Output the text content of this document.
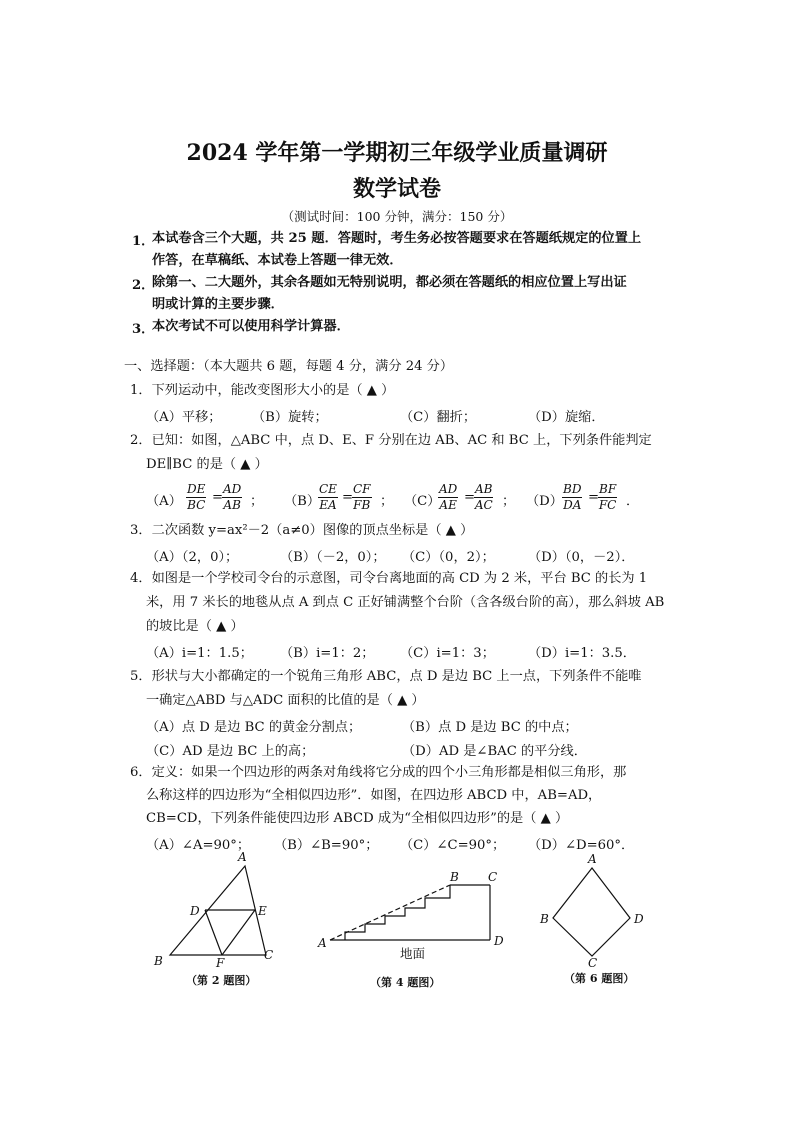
2024 学年第一学期初三年级学业质量调研
数学试卷
（测试时间：100 分钟，满分：150 分）
1．
本试卷含三个大题，共 25 题．答题时，考生务必按答题要求在答题纸规定的位置上
作答，在草稿纸、本试卷上答题一律无效．
2．
除第一、二大题外，其余各题如无特别说明，都必须在答题纸的相应位置上写出证
明或计算的主要步骤．
3．
本次考试不可以使用科学计算器．
一、选择题：（本大题共 6 题，每题 4 分，满分 24 分）
1．下列运动中，能改变图形大小的是（ ▲ ）
（A）平移； （B）旋转；	（C）翻折；	（D）旋缩．
2．已知：如图，△ABC 中，点 D、E、F 分别在边 AB、AC 和 BC 上，下列条件能判定
DE∥BC 的是（ ▲ ）
$(A) \frac{DE}{BC}$ =
$\frac{AD}{AB}$ ； （B）
$\frac{CE}{EA}$ =
$\frac{CF}{FB}$ ； （C）
$\frac{AD}{AE}$ =
$\frac{AB}{AC}$ ； $(D) \frac{BD}{DA}$ =
$\frac{BF}{FC}$ ．
3．二次函数 y=ax²－2（a≠0）图像的顶点坐标是（ ▲ ）
（A）（2，0）；	（B）（－2，0）； （C）（0，2）；	（D）（0，－2）．
4．如图是一个学校司令台的示意图，司令台离地面的高 CD 为 2 米，平台 BC 的长为 1
米，用 7 米长的地毯从点 A 到点 C 正好铺满整个台阶（含各级台阶的高），那么斜坡 AB
的坡比是（ ▲ ）
（A）i=1：1.5； （B）i=1：2； （C）i=1：3；	（D）i=1：3.5．
5．形状与大小都确定的一个锐角三角形 ABC，点 D 是边 BC 上一点，下列条件不能唯
一确定△ABD 与△ADC 面积的比值的是（ ▲ ）
（A）点 D 是边 BC 的黄金分割点；	（B）点 D 是边 BC 的中点；
（C）AD 是边 BC 上的高；	（D）AD 是∠BAC 的平分线．
6．定义：如果一个四边形的两条对角线将它分成的四个小三角形都是相似三角形，那
么称这样的四边形为“全相似四边形”．如图，在四边形 ABCD 中，AB=AD，
CB=CD，下列条件能使四边形 ABCD 成为“全相似四边形”的是（ ▲ ）
（A）∠A=90°； （B）∠B=90°； （C）∠C=90°； （D）∠D=60°．
A
B	C
D	E
F
（第 2 题图）
A
B C
D
地面
（第 4 题图）
A
B
C
D
（第 6 题图）
